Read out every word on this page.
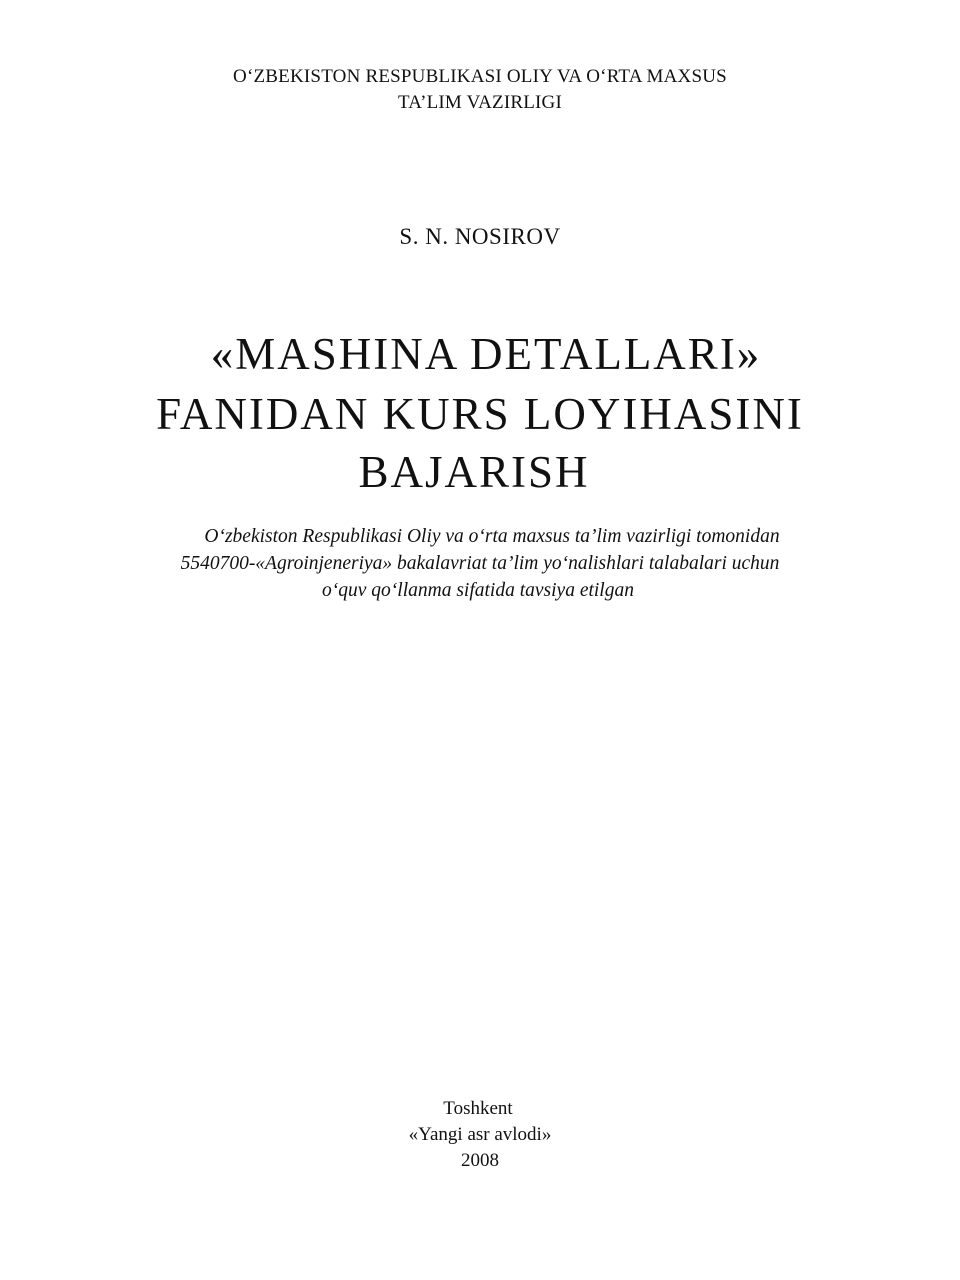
O‘ZBEKISTON RESPUBLIKASI OLIY VA O‘RTA MAXSUS
TA’LIM VAZIRLIGI
S. N. NOSIROV
«MASHINA DETALLARI»
FANIDAN KURS LOYIHASINI
BAJARISH
O‘zbekiston Respublikasi Oliy va o‘rta maxsus ta’lim vazirligi tomonidan
5540700-«Agroinjeneriya» bakalavriat ta’lim yo‘nalishlari talabalari uchun
o‘quv qo‘llanma sifatida tavsiya etilgan
Toshkent
«Yangi asr avlodi»
2008
